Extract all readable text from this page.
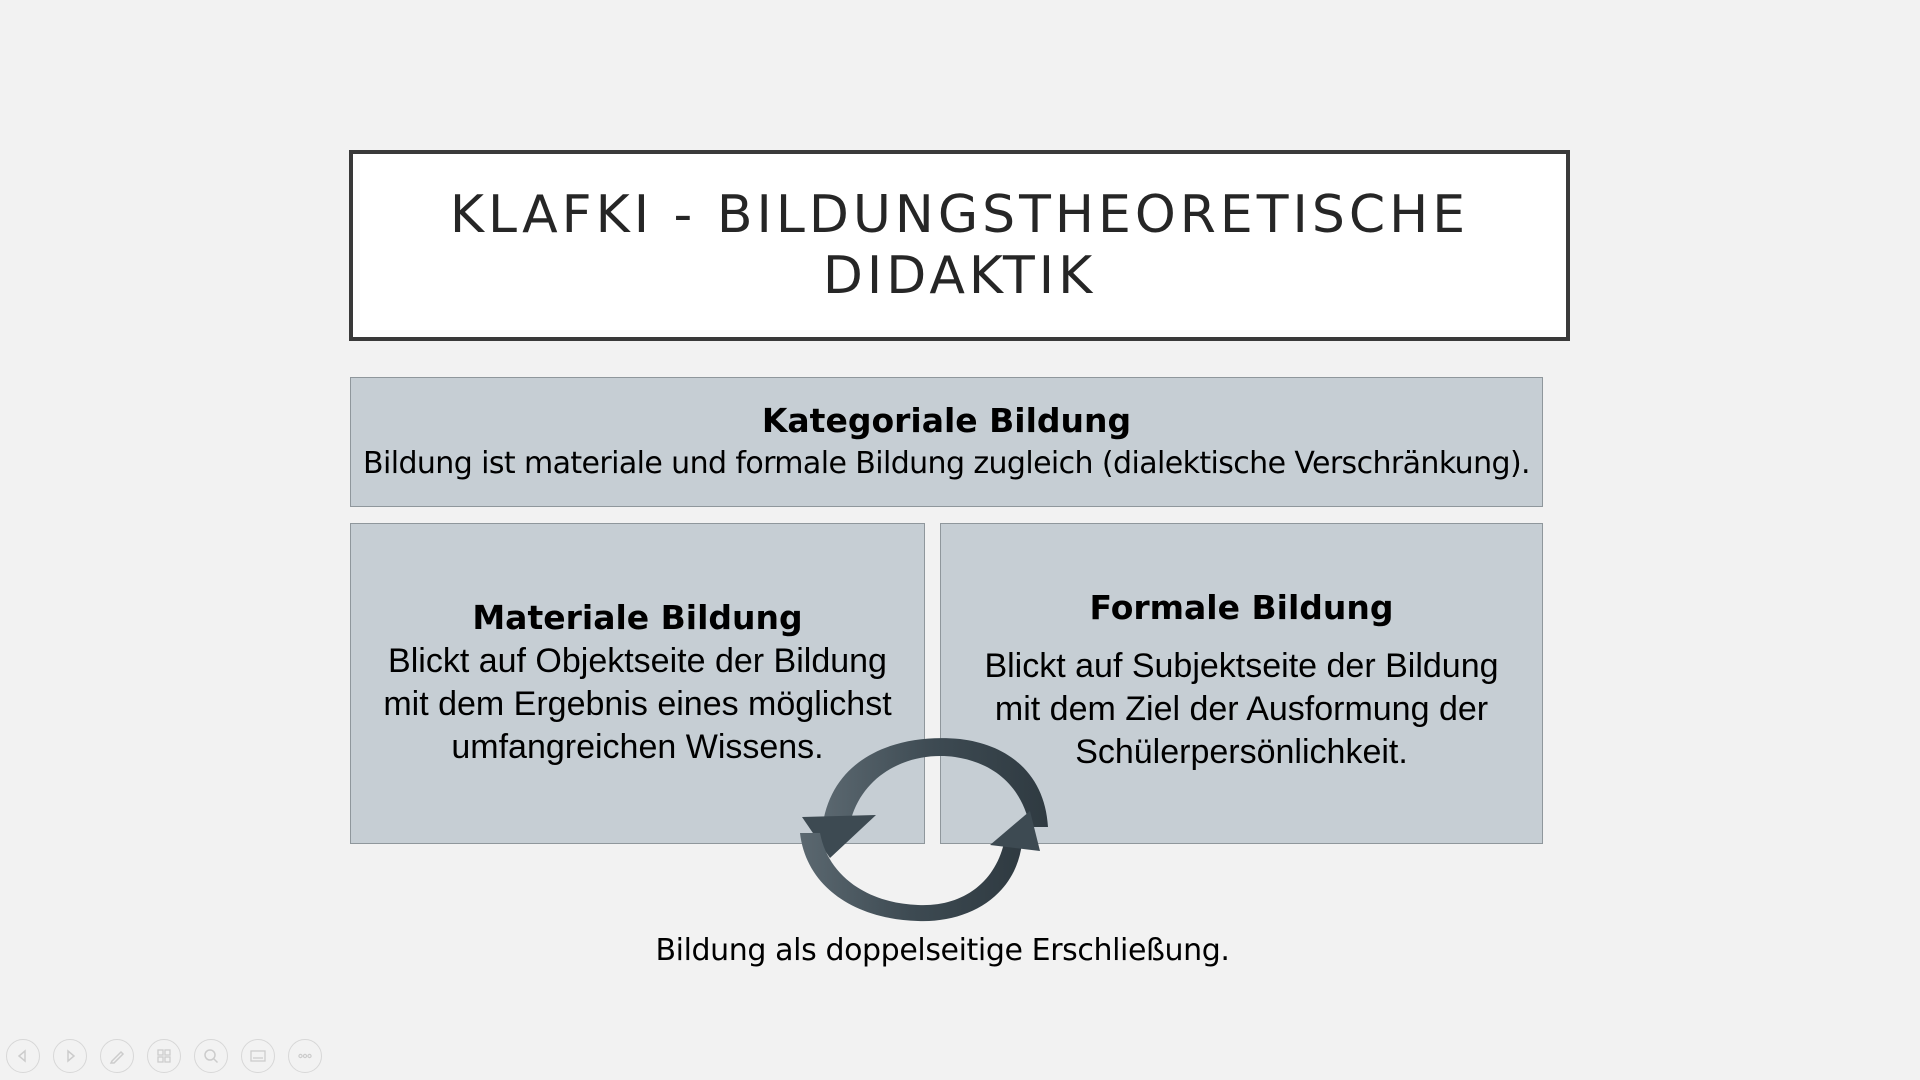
KLAFKI - BILDUNGSTHEORETISCHE
DIDAKTIK
Kategoriale Bildung
Bildung ist materiale und formale Bildung zugleich (dialektische Verschränkung).
Materiale Bildung
Blickt auf Objektseite der Bildung
mit dem Ergebnis eines möglichst
umfangreichen Wissens.
Formale Bildung
Blickt auf Subjektseite der Bildung
mit dem Ziel der Ausformung der
Schülerpersönlichkeit.
Bildung als doppelseitige Erschließung.
